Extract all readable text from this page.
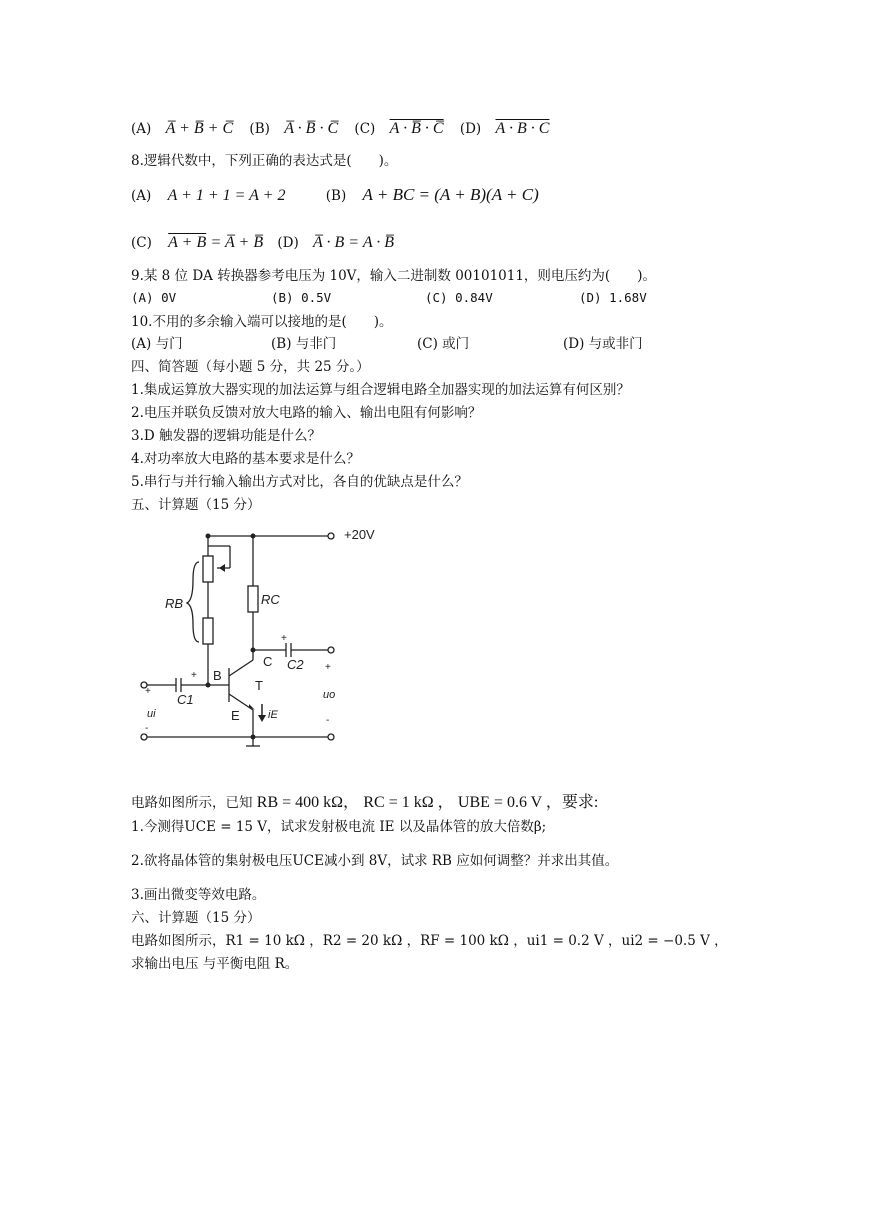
(A) A̅ + B̅ + C̅ (B) A̅ · B̅ · C̅ (C) A · B̅ · C̅ (D) A · B · C
8.逻辑代数中，下列正确的表达式是(　　)。
(A) A + 1 + 1 = A + 2	(B) A + BC = (A + B)(A + C)
(C) A + B = A̅ + B̅ (D) A̅ · B = A · B̅
9.某 8 位 DA 转换器参考电压为 10V，输入二进制数 00101011，则电压约为(　　)。
(A) 0V	(B) 0.5V	(C) 0.84V	(D) 1.68V
10.不用的多余输入端可以接地的是(　　)。
(A) 与门	(B) 与非门	(C) 或门	(D) 与或非门
四、简答题（每小题 5 分，共 25 分。）
1.集成运算放大器实现的加法运算与组合逻辑电路全加器实现的加法运算有何区别？
2.电压并联负反馈对放大电路的输入、输出电阻有何影响？
3.D 触发器的逻辑功能是什么？
4.对功率放大电路的基本要求是什么？
5.串行与并行输入输出方式对比，各自的优缺点是什么？
五、计算题（15 分）
+20V
RB	RC
C C2
B
T
C1
E	iE
ui
uo
+
-
+
-
+
+
电路如图所示，已知 RB = 400 kΩ， RC = 1 kΩ ， UBE = 0.6 V ，要求:
1.今测得UCE = 15 V，试求发射极电流 IE 以及晶体管的放大倍数β;
2.欲将晶体管的集射极电压UCE减小到 8V，试求 RB 应如何调整？并求出其值。
3.画出微变等效电路。
六、计算题（15 分）
电路如图所示，R1 = 10 kΩ ，R2 = 20 kΩ ，RF = 100 kΩ ，ui1 = 0.2 V ，ui2 = −0.5 V ，
求输出电压 与平衡电阻 R。
